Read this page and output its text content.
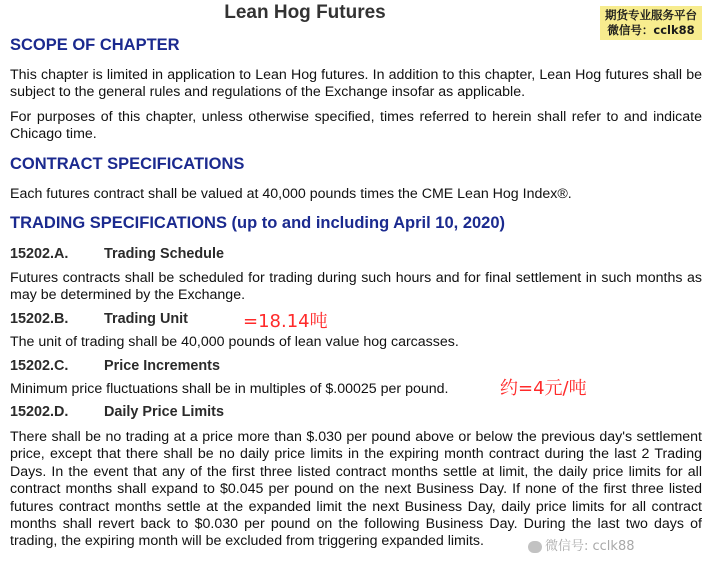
Lean Hog Futures	期货专业服务平台
微信号：cclk88
SCOPE OF CHAPTER
This chapter is limited in application to Lean Hog futures. In addition to this chapter, Lean Hog futures shall be subject to the general rules and regulations of the Exchange insofar as applicable.
For purposes of this chapter, unless otherwise specified, times referred to herein shall refer to and indicate Chicago time.
CONTRACT SPECIFICATIONS
Each futures contract shall be valued at 40,000 pounds times the CME Lean Hog Index®.
TRADING SPECIFICATIONS (up to and including April 10, 2020)
15202.A. Trading Schedule
Futures contracts shall be scheduled for trading during such hours and for final settlement in such months as may be determined by the Exchange.
15202.B. Trading Unit	=18.14吨
The unit of trading shall be 40,000 pounds of lean value hog carcasses.
15202.C. Price Increments
Minimum price fluctuations shall be in multiples of $.00025 per pound.	约=4元/吨
15202.D. Daily Price Limits
There shall be no trading at a price more than $.030 per pound above or below the previous day's settlement price, except that there shall be no daily price limits in the expiring month contract during the last 2 Trading Days. In the event that any of the first three listed contract months settle at limit, the daily price limits for all contract months shall expand to $0.045 per pound on the next Business Day. If none of the first three listed futures contract months settle at the expanded limit the next Business Day, daily price limits for all contract months shall revert back to $0.030 per pound on the following Business Day. During the last two days of trading, the expiring month will be excluded from triggering expanded limits.	微信号: cclk88
